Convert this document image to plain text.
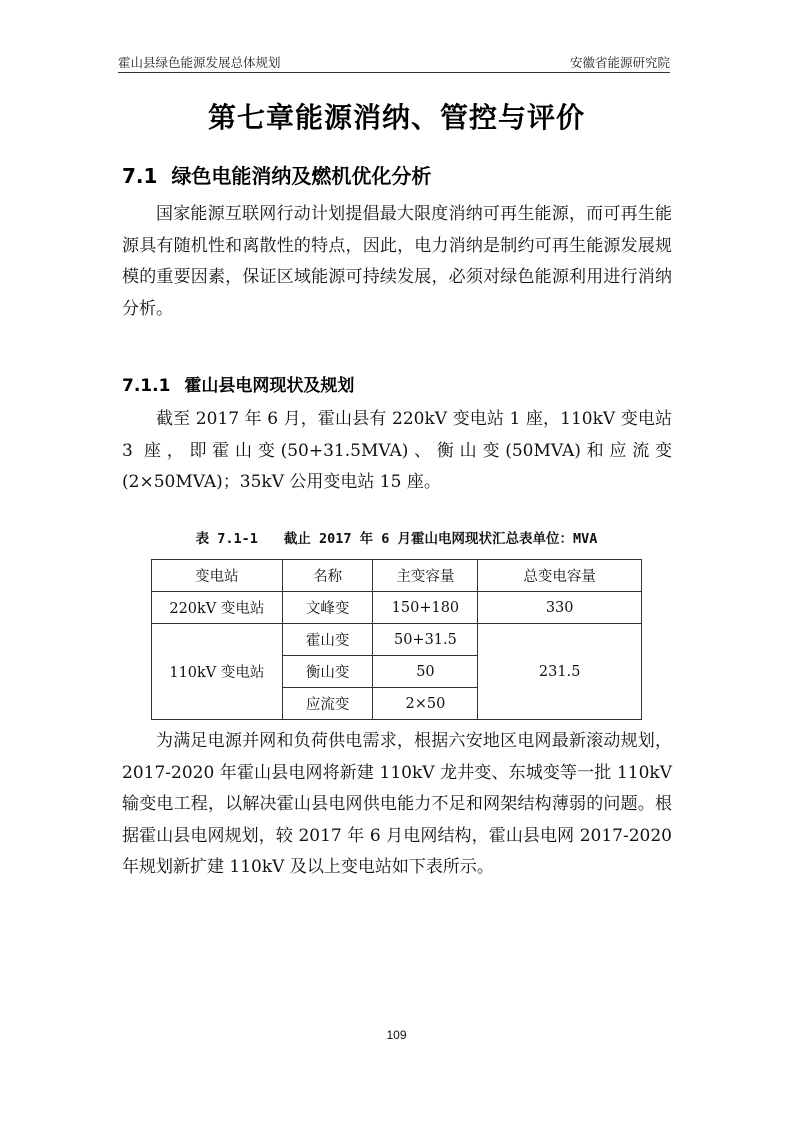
霍山县绿色能源发展总体规划	安徽省能源研究院
第七章能源消纳、管控与评价
7.1 绿色电能消纳及燃机优化分析

国家能源互联网行动计划提倡最大限度消纳可再生能源，而可再生能源具有随机性和离散性的特点，因此，电力消纳是制约可再生能源发展规模的重要因素，保证区域能源可持续发展，必须对绿色能源利用进行消纳分析。

7.1.1 霍山县电网现状及规划

截至 2017 年 6 月，霍山县有 220kV 变电站 1 座，110kV 变电站 3 座，即霍山变(50+31.5MVA)、衡山变(50MVA)和应流变(2×50MVA)；35kV 公用变电站 15 座。

表 7.1-1 截止 2017 年 6 月霍山电网现状汇总表单位：MVA
变电站	名称	主变容量	总变电容量
220kV 变电站	文峰变	150+180	330
110kV 变电站	霍山变	50+31.5	231.5
	衡山变	50	
	应流变	2×50	

为满足电源并网和负荷供电需求，根据六安地区电网最新滚动规划，2017-2020 年霍山县电网将新建 110kV 龙井变、东城变等一批 110kV 输变电工程，以解决霍山县电网供电能力不足和网架结构薄弱的问题。根据霍山县电网规划，较 2017 年 6 月电网结构，霍山县电网 2017-2020 年规划新扩建 110kV 及以上变电站如下表所示。

109
